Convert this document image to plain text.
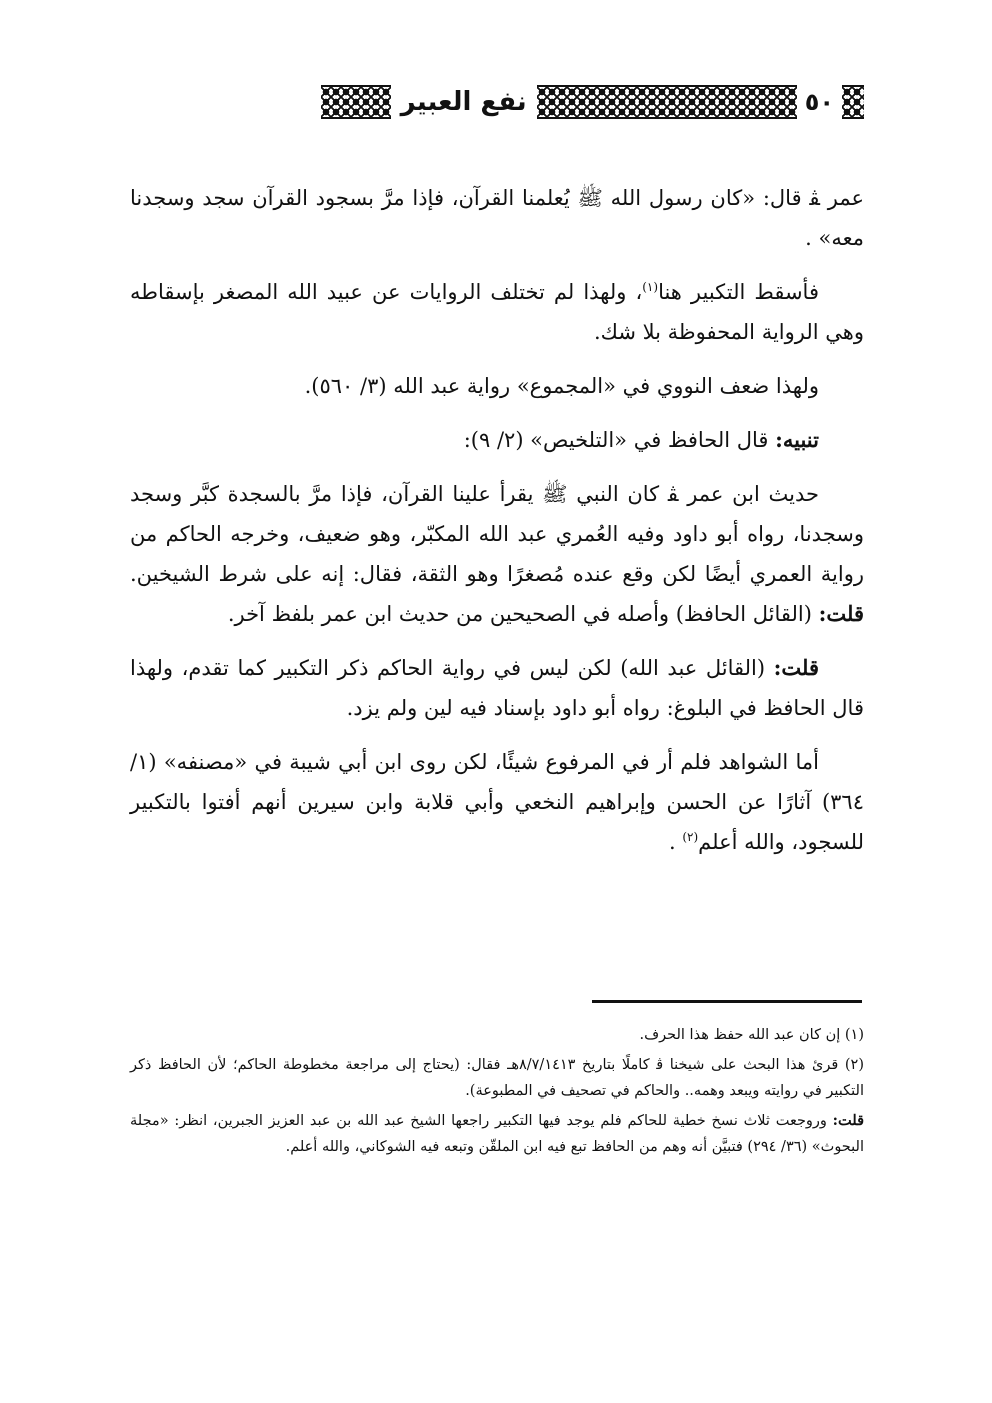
٥٠
نفع العبير

عمر ﭭ قال: «كان رسول الله ﷺ يُعلمنا القرآن، فإذا مرَّ بسجود القرآن سجد وسجدنا معه» .

فأسقط التكبير هنا$^{(١)}$، ولهذا لم تختلف الروايات عن عبيد الله المصغر بإسقاطه وهي الرواية المحفوظة بلا شك.

ولهذا ضعف النووي في «المجموع» رواية عبد الله (٣/ ٥٦٠).

تنبيه: قال الحافظ في «التلخيص» (٢/ ٩):

حديث ابن عمر ﭭ كان النبي ﷺ يقرأ علينا القرآن، فإذا مرَّ بالسجدة كبَّر وسجد وسجدنا، رواه أبو داود وفيه العُمري عبد الله المكبّر، وهو ضعيف، وخرجه الحاكم من رواية العمري أيضًا لكن وقع عنده مُصغرًا وهو الثقة، فقال: إنه على شرط الشيخين. قلت: (القائل الحافظ) وأصله في الصحيحين من حديث ابن عمر بلفظ آخر.

قلت: (القائل عبد الله) لكن ليس في رواية الحاكم ذكر التكبير كما تقدم، ولهذا قال الحافظ في البلوغ: رواه أبو داود بإسناد فيه لين ولم يزد.

أما الشواهد فلم أر في المرفوع شيئًا، لكن روى ابن أبي شيبة في «مصنفه» (١/ ٣٦٤) آثارًا عن الحسن وإبراهيم النخعي وأبي قلابة وابن سيرين أنهم أفتوا بالتكبير للسجود، والله أعلم$^{(٢)}$ .

(١) إن كان عبد الله حفظ هذا الحرف.

(٢) قرئ هذا البحث على شيخنا ﭬ كاملًا بتاريخ ٨/٧/١٤١٣هـ فقال: (يحتاج إلى مراجعة مخطوطة الحاكم؛ لأن الحافظ ذكر التكبير في روايته ويبعد وهمه.. والحاكم في تصحيف في المطبوعة).

قلت: وروجعت ثلاث نسخ خطية للحاكم فلم يوجد فيها التكبير راجعها الشيخ عبد الله بن عبد العزيز الجبرين، انظر: «مجلة البحوث» (٣٦/ ٢٩٤) فتبيَّن أنه وهم من الحافظ تبع فيه ابن الملقّن وتبعه فيه الشوكاني، والله أعلم.
